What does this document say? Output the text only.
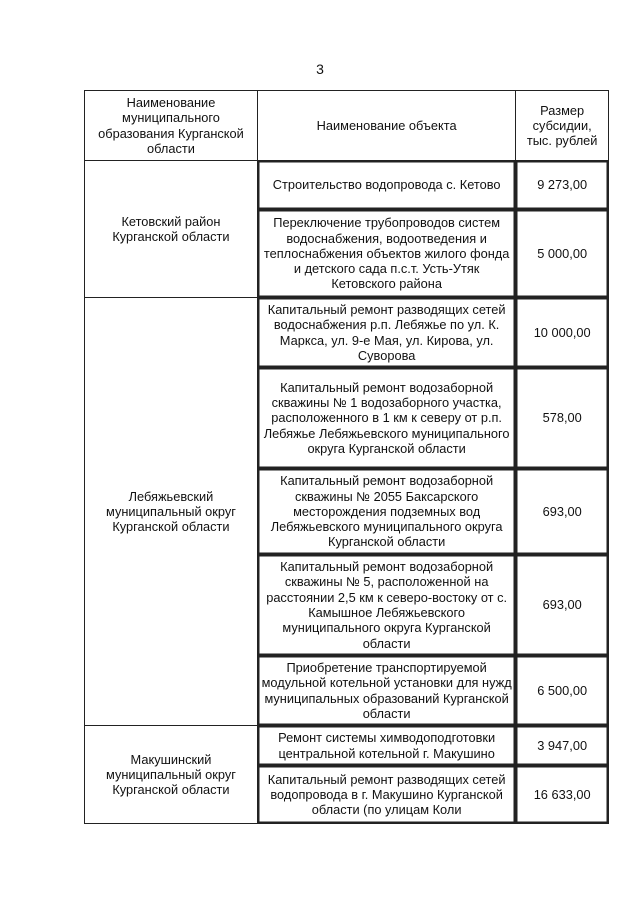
3
Наименование муниципального образования Курганской области	Наименование объекта	Размер субсидии, тыс. рублей
Кетовский район Курганской области	Строительство водопровода с. Кетово	9 273,00
	Переключение трубопроводов систем водоснабжения, водоотведения и теплоснабжения объектов жилого фонда и детского сада п.с.т. Усть-Утяк Кетовского района	5 000,00
Лебяжьевский муниципальный округ Курганской области	Капитальный ремонт разводящих сетей водоснабжения р.п. Лебяжье по ул. К. Маркса, ул. 9-е Мая, ул. Кирова, ул. Суворова	10 000,00
	Капитальный ремонт водозаборной скважины № 1 водозаборного участка, расположенного в 1 км к северу от р.п. Лебяжье Лебяжьевского муниципального округа Курганской области	578,00
	Капитальный ремонт водозаборной скважины № 2055 Баксарского месторождения подземных вод Лебяжьевского муниципального округа Курганской области	693,00
	Капитальный ремонт водозаборной скважины № 5, расположенной на расстоянии 2,5 км к северо-востоку от с. Камышное Лебяжьевского муниципального округа Курганской области	693,00
	Приобретение транспортируемой модульной котельной установки для нужд муниципальных образований Курганской области	6 500,00
Макушинский муниципальный округ Курганской области	Ремонт системы химводоподготовки центральной котельной г. Макушино	3 947,00
	Капитальный ремонт разводящих сетей водопровода в г. Макушино Курганской области (по улицам Коли	16 633,00
